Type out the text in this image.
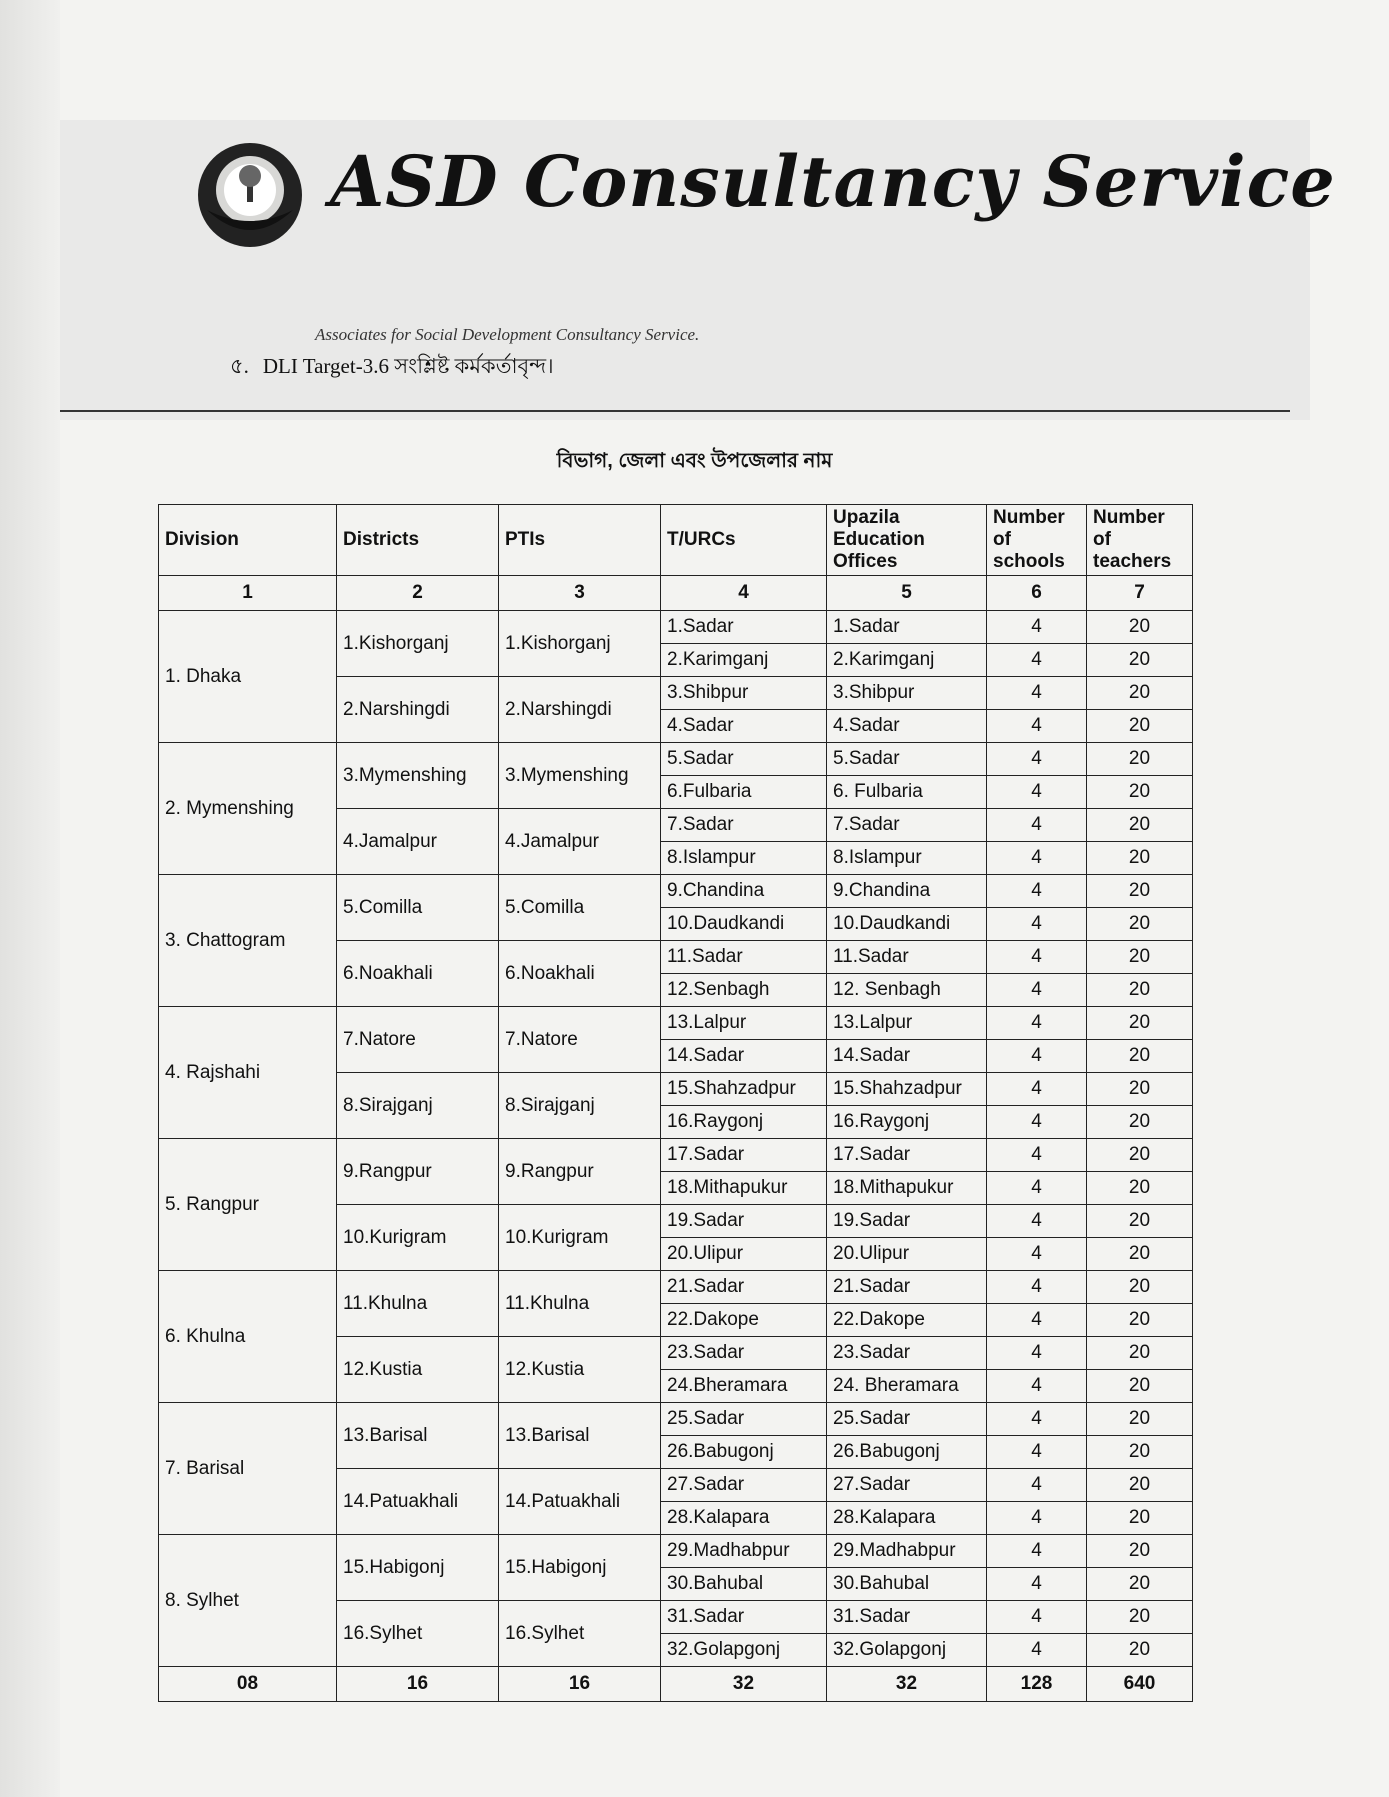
ASD Consultancy Service
Associates for Social Development Consultancy Service.
৫. DLI Target-3.6 সংশ্লিষ্ট কর্মকর্তাবৃন্দ।
বিভাগ, জেলা এবং উপজেলার নাম
Division	Districts	PTIs	T/URCs	Upazila Education Offices	Number of schools	Number of teachers
1	2	3	4	5	6	7
1. Dhaka	1.Kishorganj	1.Kishorganj	1.Sadar	1.Sadar	4	20
			2.Karimganj	2.Karimganj	4	20
	2.Narshingdi	2.Narshingdi	3.Shibpur	3.Shibpur	4	20
			4.Sadar	4.Sadar	4	20
2. Mymenshing	3.Mymenshing	3.Mymenshing	5.Sadar	5.Sadar	4	20
			6.Fulbaria	6. Fulbaria	4	20
	4.Jamalpur	4.Jamalpur	7.Sadar	7.Sadar	4	20
			8.Islampur	8.Islampur	4	20
3. Chattogram	5.Comilla	5.Comilla	9.Chandina	9.Chandina	4	20
			10.Daudkandi	10.Daudkandi	4	20
	6.Noakhali	6.Noakhali	11.Sadar	11.Sadar	4	20
			12.Senbagh	12. Senbagh	4	20
4. Rajshahi	7.Natore	7.Natore	13.Lalpur	13.Lalpur	4	20
			14.Sadar	14.Sadar	4	20
	8.Sirajganj	8.Sirajganj	15.Shahzadpur	15.Shahzadpur	4	20
			16.Raygonj	16.Raygonj	4	20
5. Rangpur	9.Rangpur	9.Rangpur	17.Sadar	17.Sadar	4	20
			18.Mithapukur	18.Mithapukur	4	20
	10.Kurigram	10.Kurigram	19.Sadar	19.Sadar	4	20
			20.Ulipur	20.Ulipur	4	20
6. Khulna	11.Khulna	11.Khulna	21.Sadar	21.Sadar	4	20
			22.Dakope	22.Dakope	4	20
	12.Kustia	12.Kustia	23.Sadar	23.Sadar	4	20
			24.Bheramara	24. Bheramara	4	20
7. Barisal	13.Barisal	13.Barisal	25.Sadar	25.Sadar	4	20
			26.Babugonj	26.Babugonj	4	20
	14.Patuakhali	14.Patuakhali	27.Sadar	27.Sadar	4	20
			28.Kalapara	28.Kalapara	4	20
8. Sylhet	15.Habigonj	15.Habigonj	29.Madhabpur	29.Madhabpur	4	20
			30.Bahubal	30.Bahubal	4	20
	16.Sylhet	16.Sylhet	31.Sadar	31.Sadar	4	20
			32.Golapgonj	32.Golapgonj	4	20
08	16	16	32	32	128	640
